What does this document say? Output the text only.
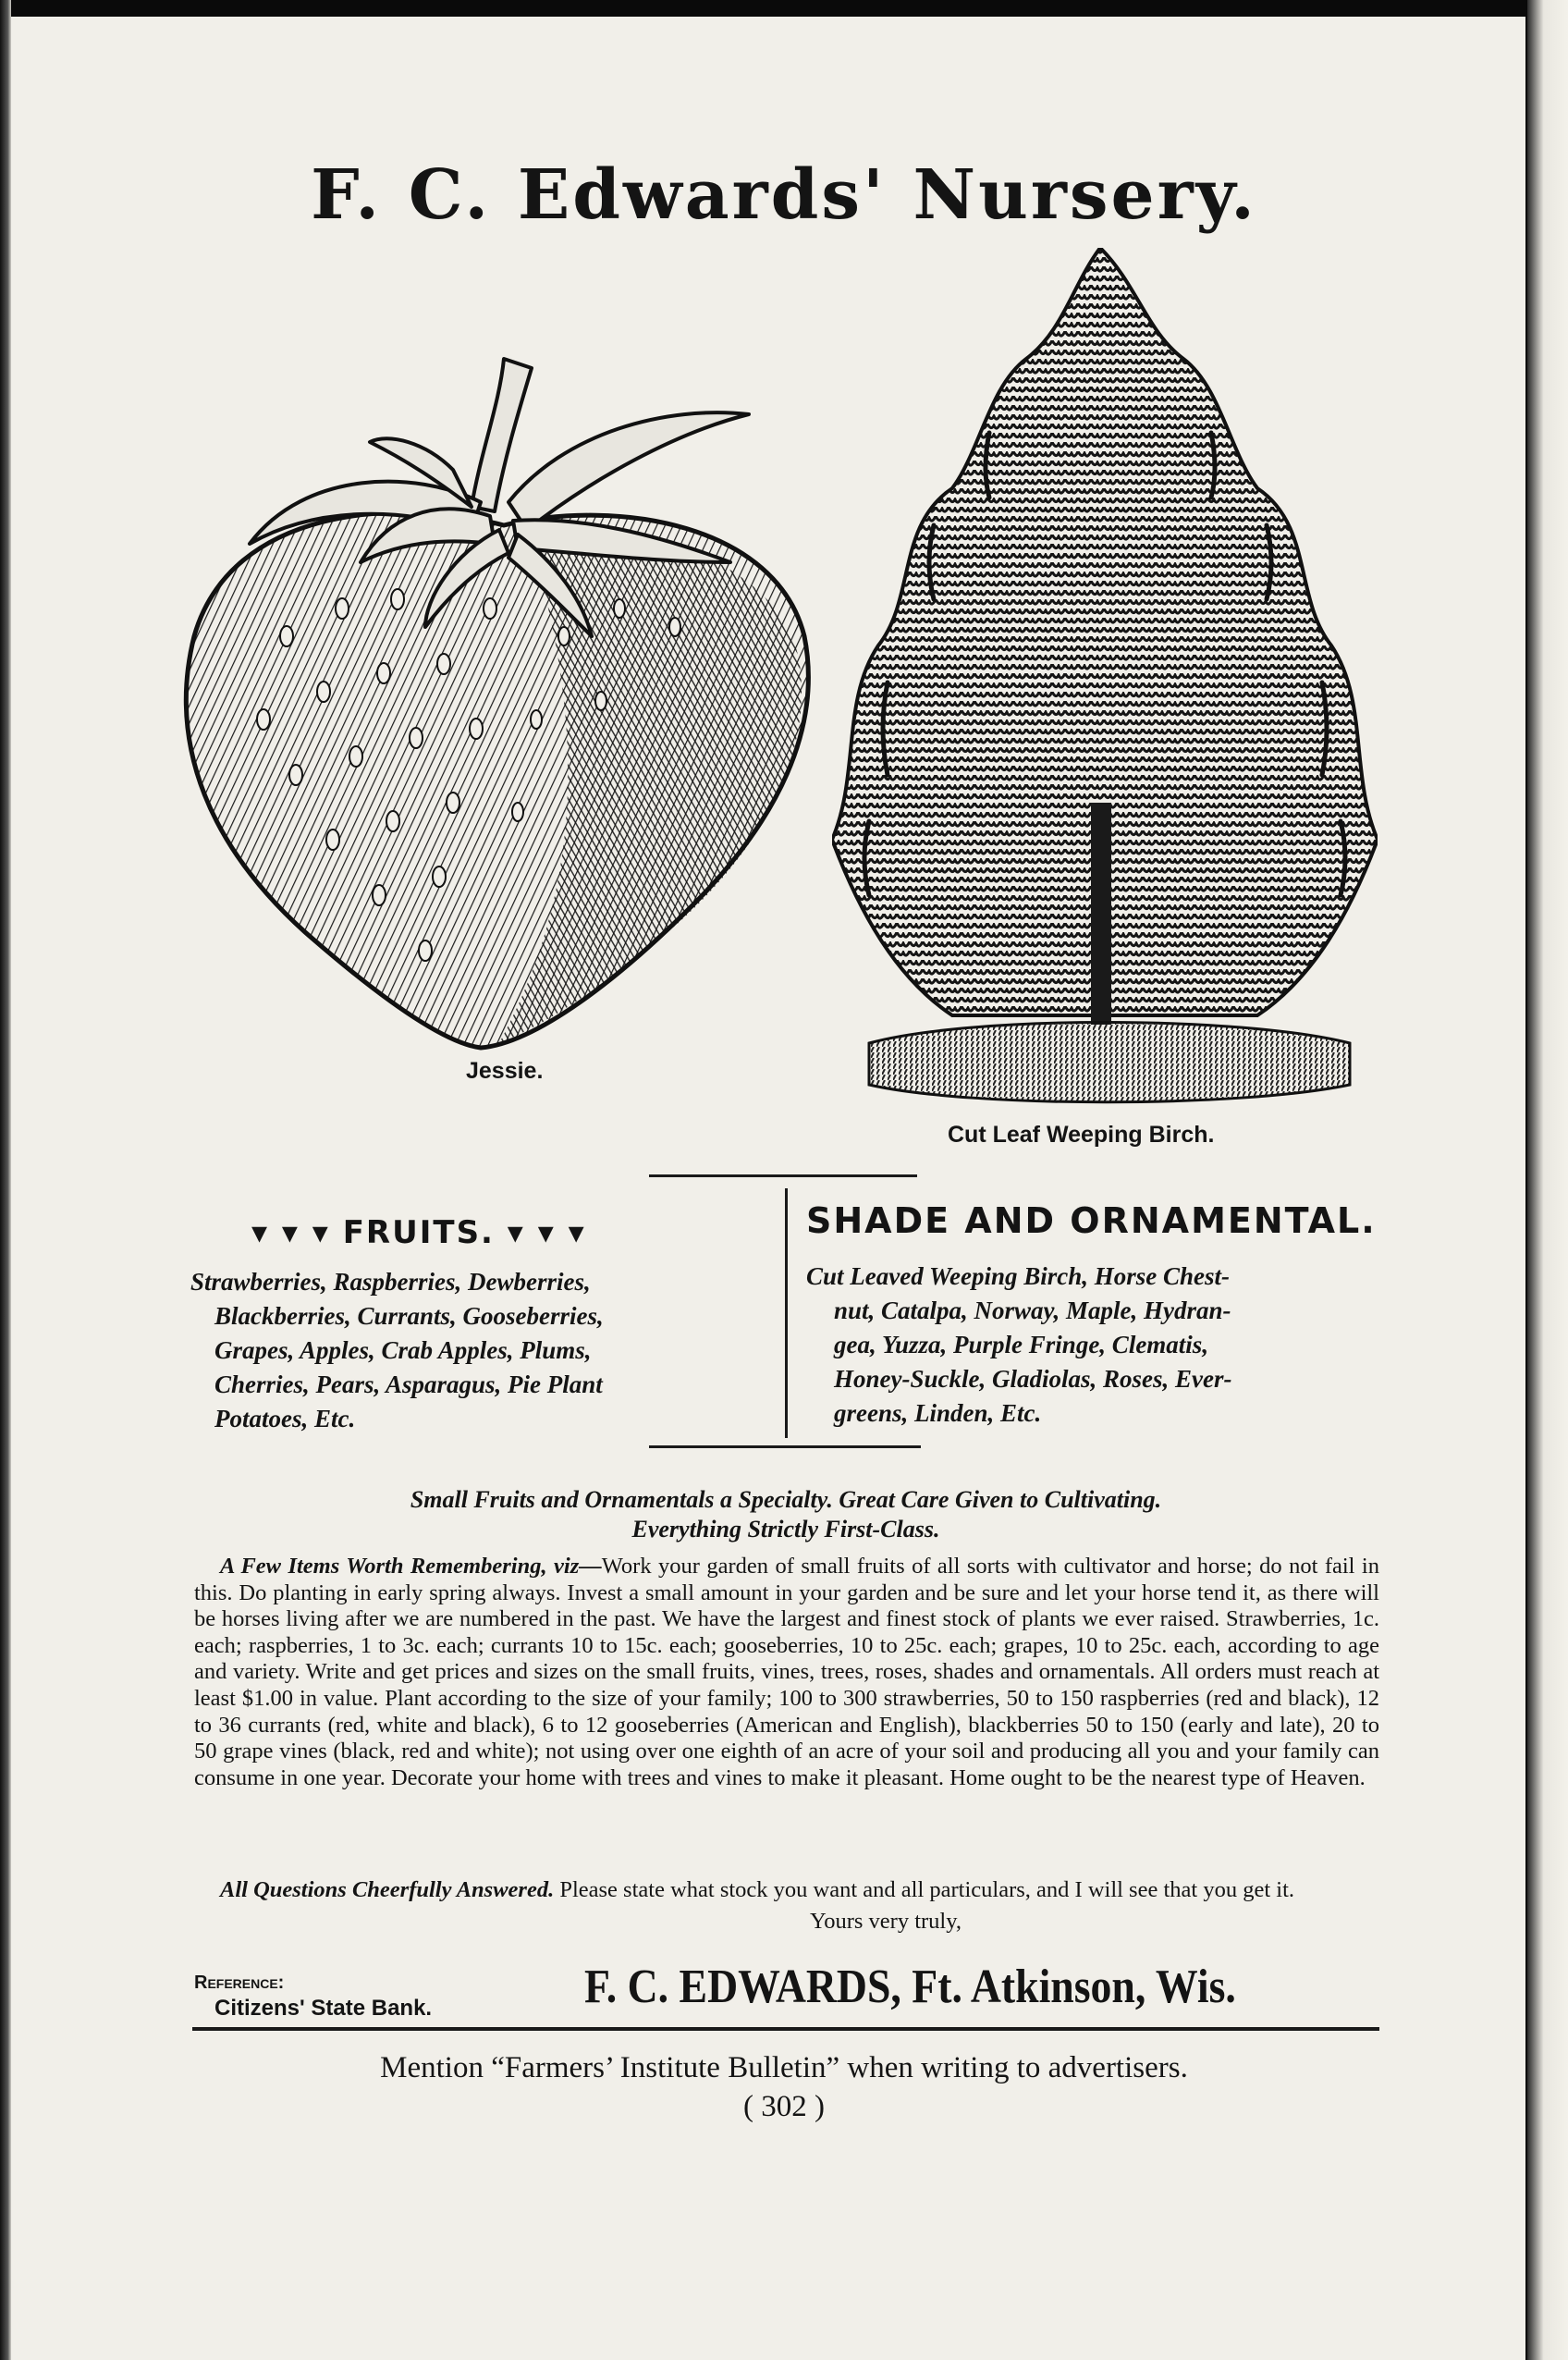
F. C. Edwards' Nursery.
Jessie.
Cut Leaf Weeping Birch.
▾ ▾ ▾ FRUITS. ▾ ▾ ▾
Strawberries, Raspberries, Dewberries,
Blackberries, Currants, Gooseberries,
Grapes, Apples, Crab Apples, Plums,
Cherries, Pears, Asparagus, Pie Plant
Potatoes, Etc.
SHADE AND ORNAMENTAL.
Cut Leaved Weeping Birch, Horse Chest-
nut, Catalpa, Norway, Maple, Hydran-
gea, Yuzza, Purple Fringe, Clematis,
Honey-Suckle, Gladiolas, Roses, Ever-
greens, Linden, Etc.
Small Fruits and Ornamentals a Specialty. Great Care Given to Cultivating.
Everything Strictly First-Class.
A Few Items Worth Remembering, viz—Work your garden of small fruits of all sorts with cultivator and horse; do not fail in this. Do planting in early spring always. Invest a small amount in your garden and be sure and let your horse tend it, as there will be horses living after we are numbered in the past. We have the largest and finest stock of plants we ever raised. Strawberries, 1c. each; raspberries, 1 to 3c. each; currants 10 to 15c. each; gooseberries, 10 to 25c. each; grapes, 10 to 25c. each, according to age and variety. Write and get prices and sizes on the small fruits, vines, trees, roses, shades and ornamentals. All orders must reach at least $1.00 in value. Plant according to the size of your family; 100 to 300 strawberries, 50 to 150 raspberries (red and black), 12 to 36 currants (red, white and black), 6 to 12 gooseberries (American and English), blackberries 50 to 150 (early and late), 20 to 50 grape vines (black, red and white); not using over one eighth of an acre of your soil and producing all you and your family can consume in one year. Decorate your home with trees and vines to make it pleasant. Home ought to be the nearest type of Heaven.
All Questions Cheerfully Answered. Please state what stock you want and all particulars, and I will see that you get it.
Yours very truly,
Reference:
Citizens' State Bank.	F. C. EDWARDS, Ft. Atkinson, Wis.
Mention “Farmers’ Institute Bulletin” when writing to advertisers.
( 302 )
